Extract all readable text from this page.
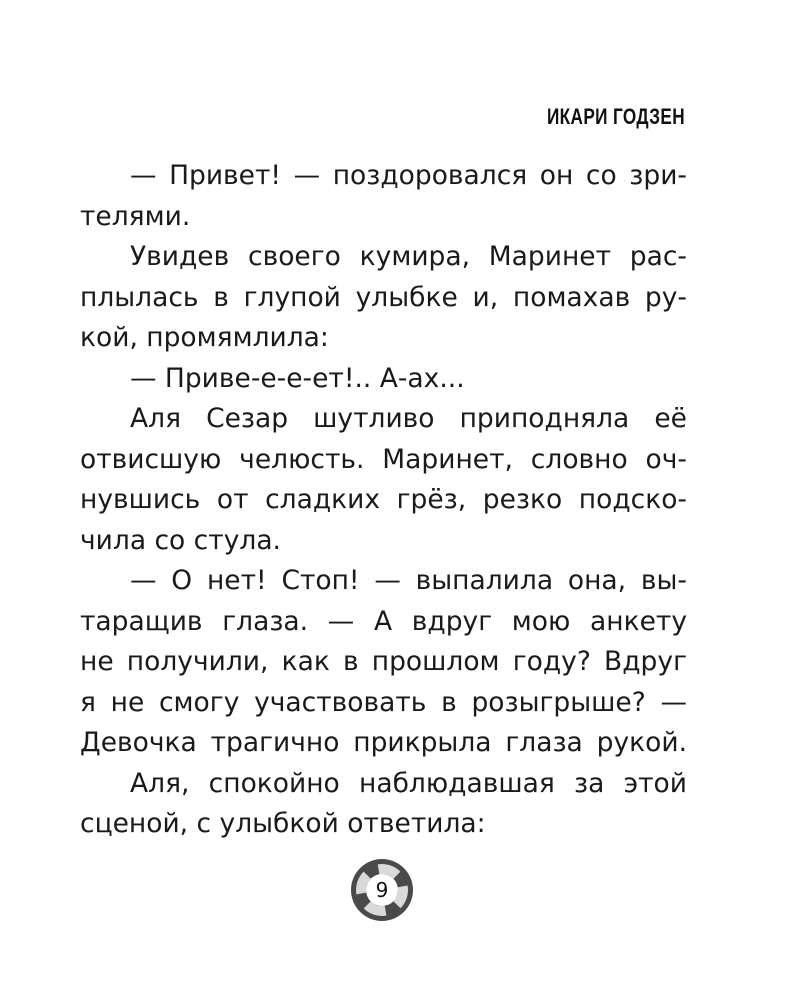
ИКАРИ ГОДЗЕН
— Привет! — поздоровался он со зри-
телями.
Увидев своего кумира, Маринет рас-
плылась в глупой улыбке и, помахав ру-
кой, промямлила:
— Приве-е-е-ет!.. А-ах...
Аля Сезар шутливо приподняла её
отвисшую челюсть. Маринет, словно оч-
нувшись от сладких грёз, резко подско-
чила со стула.
— О нет! Стоп! — выпалила она, вы-
таращив глаза. — А вдруг мою анкету
не получили, как в прошлом году? Вдруг
я не смогу участвовать в розыгрыше? —
Девочка трагично прикрыла глаза рукой.
Аля, спокойно наблюдавшая за этой
сценой, с улыбкой ответила:
9
